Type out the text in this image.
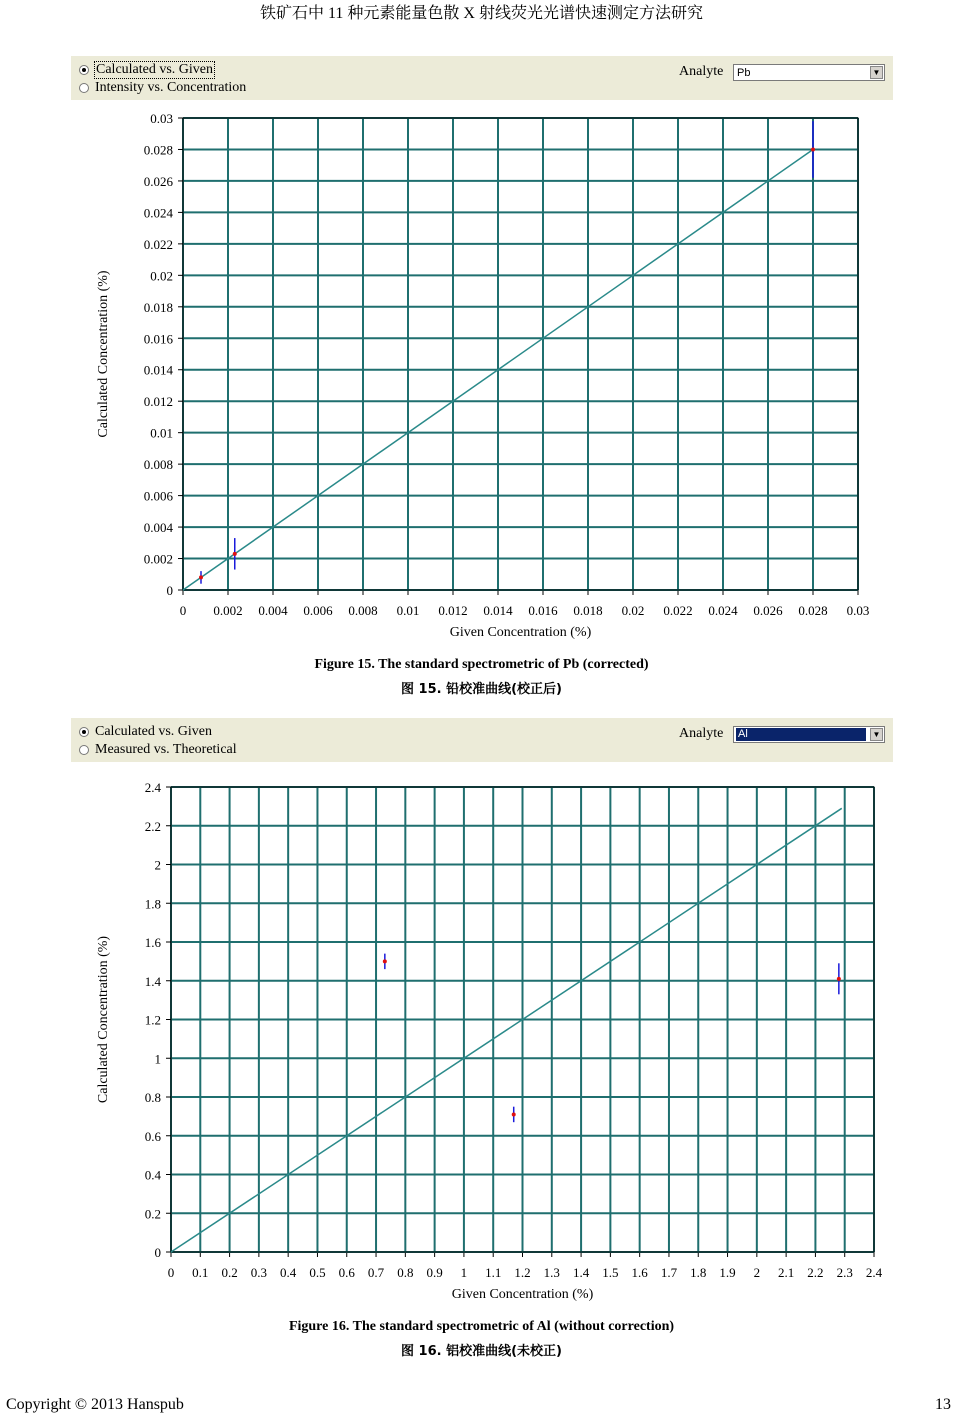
铁矿石中 11 种元素能量色散 X 射线荧光光谱快速测定方法研究
Calculated vs. Given
Intensity vs. Concentration
Analyte Pb	▼
0 0.002 0.004 0.006 0.008 0.01 0.012 0.014 0.016 0.018 0.02 0.022 0.024 0.026 0.028 0.03
0
0.002
0.004
0.006
0.008
0.01
0.012
0.014
0.016
0.018
0.02
0.022
0.024
0.026
0.028
0.03
Given Concentration (%)
Calculated Concentration (%)
Figure 15. The standard spectrometric of Pb (corrected)
图 15. 铅校准曲线(校正后)
Calculated vs. Given
Measured vs. Theoretical
Analyte Al	▼
0 0.1 0.2 0.3 0.4 0.5 0.6 0.7 0.8 0.9 1 1.1 1.2 1.3 1.4 1.5 1.6 1.7 1.8 1.9 2 2.1 2.2 2.3 2.4
0
0.2
0.4
0.6
0.8
1
1.2
1.4
1.6
1.8
2
2.2
2.4
Given Concentration (%)
Calculated Concentration (%)
Figure 16. The standard spectrometric of Al (without correction)
图 16. 铝校准曲线(未校正)
Copyright © 2013 Hanspub	13
